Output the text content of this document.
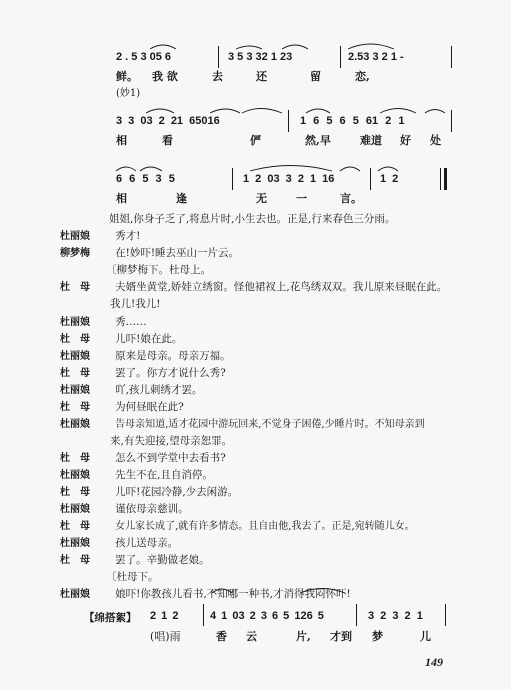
2 . 5 3 05 6	3 5 3 32 1 23	2.53 3 2 1 -
鲜。 我 欲	去	还	留	恋,
(妙1)
3 3 03 2 21 65016	1 6 5 6 5 61 2 1
相	看	俨	然,早	难道 好 处
6 6 5 3 5	1 2 03 3 2 1 16	1 2
相	逢	无	一	言。
姐姐,你身子乏了,将息片时,小生去也。正是,行来春色三分雨。
杜丽娘 秀才!
柳梦梅 在!妙吓!睡去巫山一片云。
〔柳梦梅下。杜母上。
杜　母 夫婿坐黄堂,娇娃立绣窗。怪他裙衩上,花鸟绣双双。我儿原来昼眠在此。
我儿!我儿!
杜丽娘 秀……
杜　母 儿吓!娘在此。
杜丽娘 原来是母亲。母亲万福。
杜　母 罢了。你方才说什么秀?
杜丽娘 吖,孩儿刺绣才罢。
杜　母 为何昼眠在此?
杜丽娘	告母亲知道,适才花园中游玩回来,不觉身子困倦,少睡片时。不知母亲到
来,有失迎接,望母亲恕罪。
杜　母 怎么不到学堂中去看书?
杜丽娘 先生不在,且自消停。
杜　母 儿吓!花园冷静,少去闲游。
杜丽娘 谨依母亲慈训。
杜　母	女儿家长成了,就有许多情态。且自由他,我去了。正是,宛转随儿女。
杜丽娘 孩儿送母亲。
杜　母 罢了。辛勤做老娘。
〔杜母下。
杜丽娘 娘吓!你教孩儿看书,不知哪一种书,才消得我闷怀吓!
【绵搭絮】 2 1 2	4 1 03 2 3 6 5 126 5	3 2 3 2 1
(唱)雨	香 云	片, 才到 梦	儿
149
